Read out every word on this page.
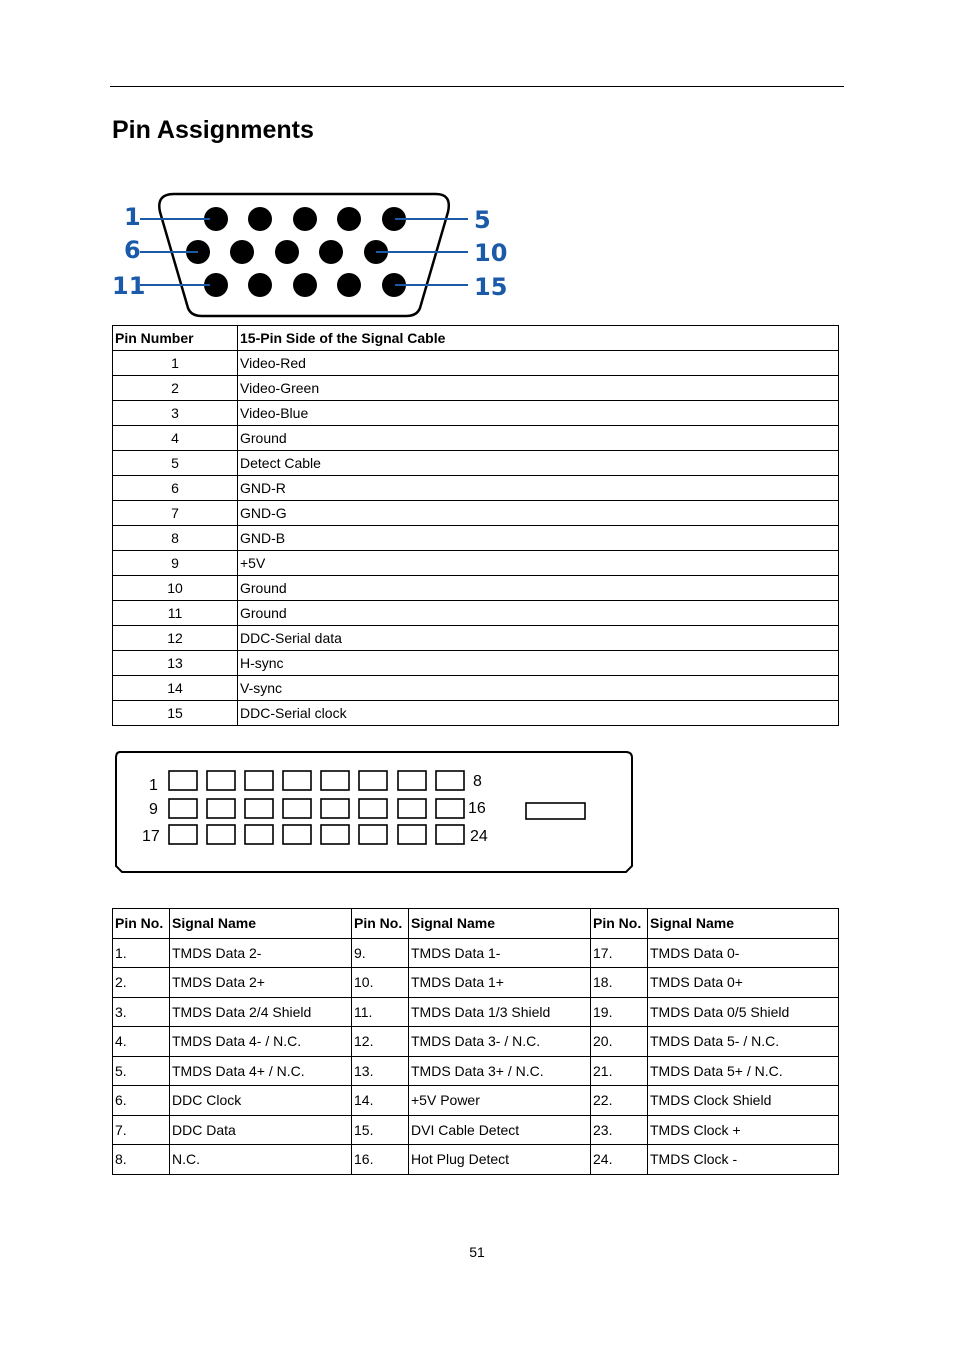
Pin Assignments
1
6
11
5
10
15
Pin Number	15-Pin Side of the Signal Cable
1	Video-Red
2	Video-Green
3	Video-Blue
4	Ground
5	Detect Cable
6	GND-R
7	GND-G
8	GND-B
9	+5V
10	Ground
11	Ground
12	DDC-Serial data
13	H-sync
14	V-sync
15	DDC-Serial clock
1
9
17
8
16
24
Pin No.	Signal Name	Pin No.	Signal Name	Pin No.	Signal Name
1.	TMDS Data 2-	9.	TMDS Data 1-	17.	TMDS Data 0-
2.	TMDS Data 2+	10.	TMDS Data 1+	18.	TMDS Data 0+
3.	TMDS Data 2/4 Shield	11.	TMDS Data 1/3 Shield	19.	TMDS Data 0/5 Shield
4.	TMDS Data 4- / N.C.	12.	TMDS Data 3- / N.C.	20.	TMDS Data 5- / N.C.
5.	TMDS Data 4+ / N.C.	13.	TMDS Data 3+ / N.C.	21.	TMDS Data 5+ / N.C.
6.	DDC Clock	14.	+5V Power	22.	TMDS Clock Shield
7.	DDC Data	15.	DVI Cable Detect	23.	TMDS Clock +
8.	N.C.	16.	Hot Plug Detect	24.	TMDS Clock -
51
